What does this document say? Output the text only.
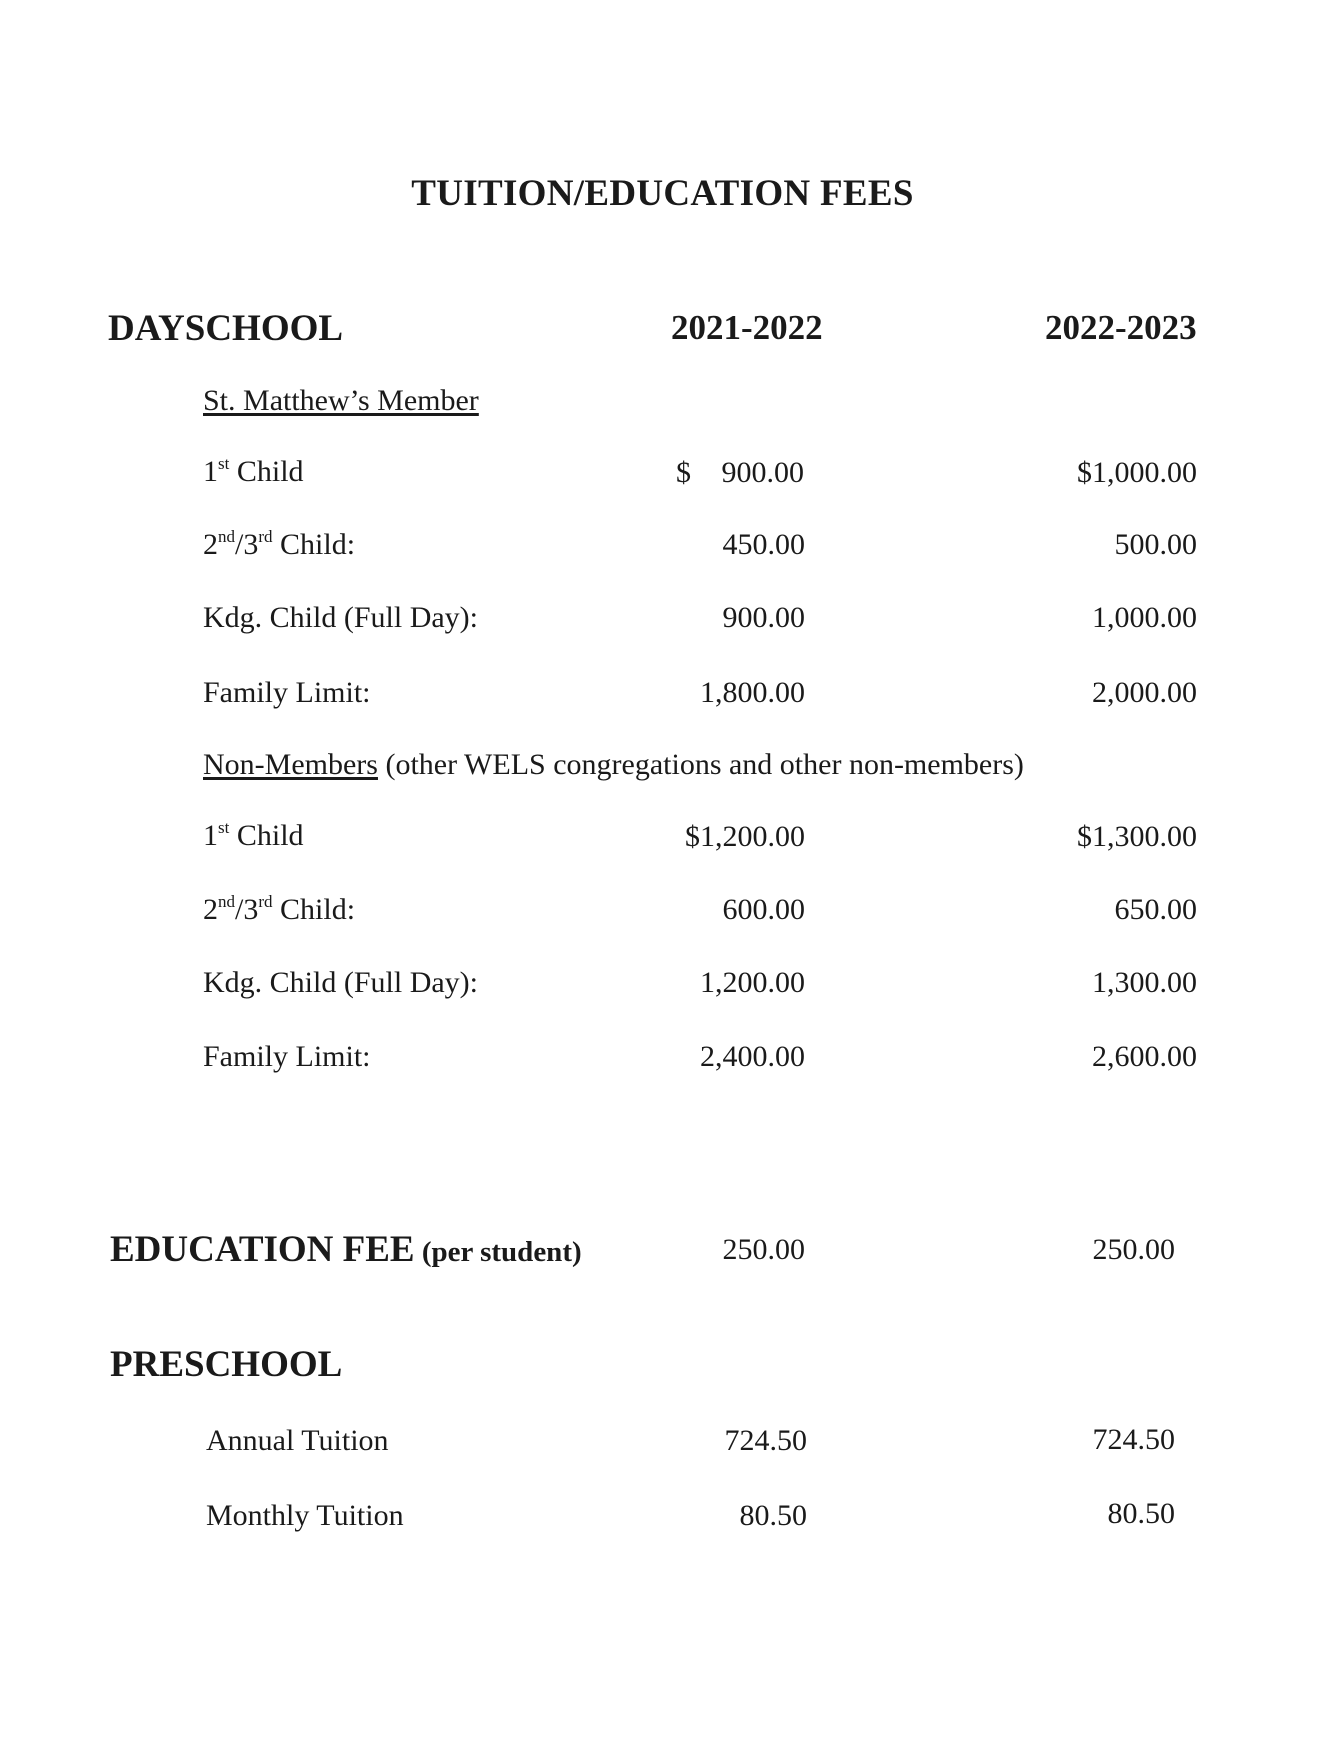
TUITION/EDUCATION FEES
DAYSCHOOL	2021-2022	2022-2023
St. Matthew’s Member
1st Child	$ 900.00	$1,000.00
2nd/3rd Child:	450.00	500.00
Kdg. Child (Full Day):	900.00	1,000.00
Family Limit:	1,800.00	2,000.00
Non-Members (other WELS congregations and other non-members)
1st Child	$1,200.00	$1,300.00
2nd/3rd Child:	600.00	650.00
Kdg. Child (Full Day):	1,200.00	1,300.00
Family Limit:	2,400.00	2,600.00
EDUCATION FEE (per student)	250.00	250.00
PRESCHOOL
Annual Tuition	724.50	724.50
Monthly Tuition	80.50	80.50
